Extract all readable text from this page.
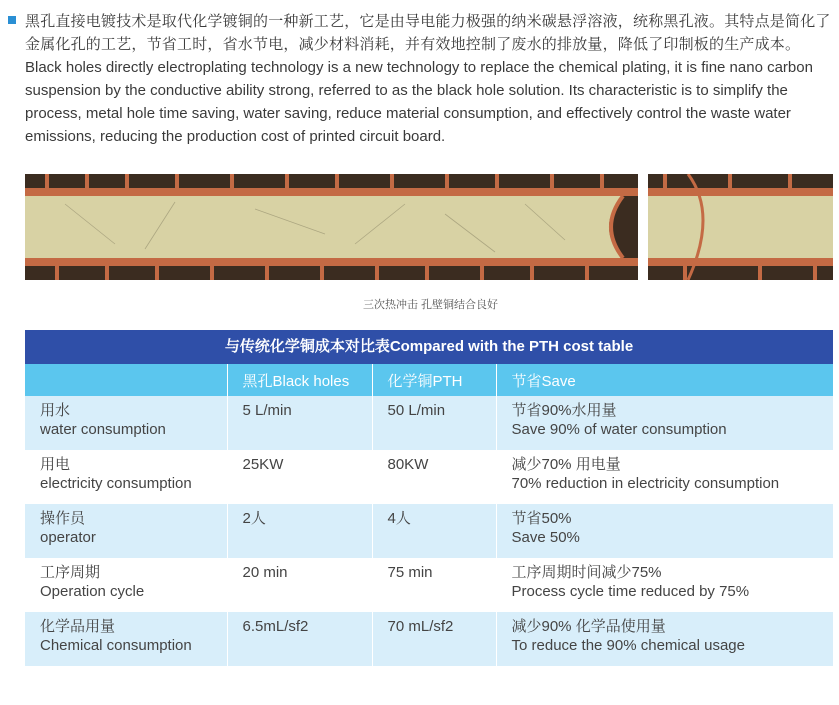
黑孔直接电镀技术是取代化学镀铜的一种新工艺，它是由导电能力极强的纳米碳悬浮溶液，统称黑孔液。其特点是简化了金属化孔的工艺，节省工时，省水节电，减少材料消耗，并有效地控制了废水的排放量，降低了印制板的生产成本。

Black holes directly electroplating technology is a new technology to replace the chemical plating, it is fine nano carbon suspension by the conductive ability strong, referred to as the black hole solution. Its characteristic is to simplify the process, metal hole time saving, water saving, reduce material consumption, and effectively control the waste water emissions, reducing the production cost of printed circuit board.

三次热冲击 孔壁铜结合良好
与传统化学铜成本对比表Compared with the PTH cost table
	黑孔Black holes	化学铜PTH	节省Save

用水
water consumption	5 L/min	50 L/min	节省90%水用量
Save 90% of water consumption

用电
electricity consumption	25KW	80KW	减少70% 用电量
70% reduction in electricity consumption

操作员
operator	2人	4人	节省50%
Save 50%

工序周期
Operation cycle	20 min	75 min	工序周期时间减少75%
Process cycle time reduced by 75%

化学品用量
Chemical consumption	6.5mL/sf2	70 mL/sf2	减少90% 化学品使用量
To reduce the 90% chemical usage
